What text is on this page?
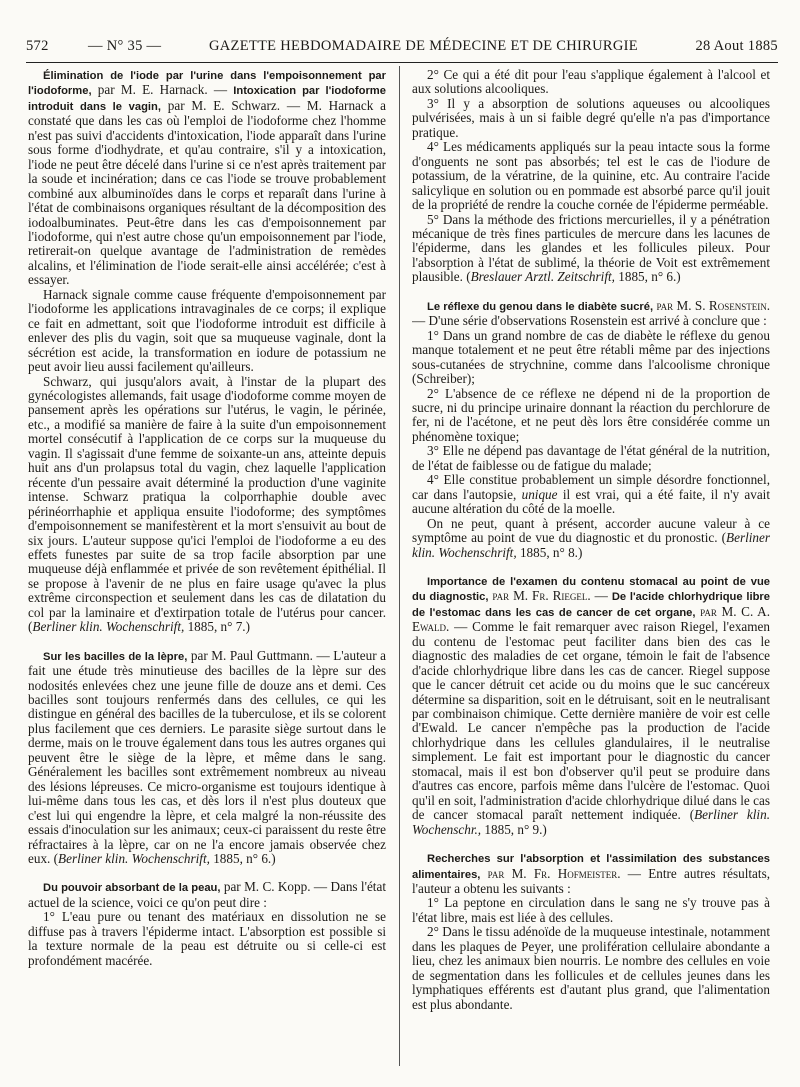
572	— N° 35 —	GAZETTE HEBDOMADAIRE DE MÉDECINE ET DE CHIRURGIE	28 Aout 1885

Élimination de l'iode par l'urine dans l'empoisonnement par l'iodoforme, par M. E. Harnack. — Intoxication par l'iodoforme introduit dans le vagin, par M. E. Schwarz. — M. Harnack a constaté que dans les cas où l'emploi de l'iodoforme chez l'homme n'est pas suivi d'accidents d'intoxication, l'iode apparaît dans l'urine sous forme d'iodhydrate, et qu'au contraire, s'il y a intoxication, l'iode ne peut être décelé dans l'urine si ce n'est après traitement par la soude et incinération; dans ce cas l'iode se trouve probablement combiné aux albuminoïdes dans le corps et reparaît dans l'urine à l'état de combinaisons organiques résultant de la décomposition des iodoalbuminates. Peut-être dans les cas d'empoisonnement par l'iodoforme, qui n'est autre chose qu'un empoisonnement par l'iode, retirerait-on quelque avantage de l'administration de remèdes alcalins, et l'élimination de l'iode serait-elle ainsi accélérée; c'est à essayer.

Harnack signale comme cause fréquente d'empoisonnement par l'iodoforme les applications intravaginales de ce corps; il explique ce fait en admettant, soit que l'iodoforme introduit est difficile à enlever des plis du vagin, soit que sa muqueuse vaginale, dont la sécrétion est acide, la transformation en iodure de potassium ne peut avoir lieu aussi facilement qu'ailleurs.

Schwarz, qui jusqu'alors avait, à l'instar de la plupart des gynécologistes allemands, fait usage d'iodoforme comme moyen de pansement après les opérations sur l'utérus, le vagin, le périnée, etc., a modifié sa manière de faire à la suite d'un empoisonnement mortel consécutif à l'application de ce corps sur la muqueuse du vagin. Il s'agissait d'une femme de soixante-un ans, atteinte depuis huit ans d'un prolapsus total du vagin, chez laquelle l'application récente d'un pessaire avait déterminé la production d'une vaginite intense. Schwarz pratiqua la colporrhaphie double avec périnéorrhaphie et appliqua ensuite l'iodoforme; des symptômes d'empoisonnement se manifestèrent et la mort s'ensuivit au bout de six jours. L'auteur suppose qu'ici l'emploi de l'iodoforme a eu des effets funestes par suite de sa trop facile absorption par une muqueuse déjà enflammée et privée de son revêtement épithélial. Il se propose à l'avenir de ne plus en faire usage qu'avec la plus extrême circonspection et seulement dans les cas de dilatation du col par la laminaire et d'extirpation totale de l'utérus pour cancer. (Berliner klin. Wochenschrift, 1885, n° 7.)

Sur les bacilles de la lèpre, par M. Paul Guttmann. — L'auteur a fait une étude très minutieuse des bacilles de la lèpre sur des nodosités enlevées chez une jeune fille de douze ans et demi. Ces bacilles sont toujours renfermés dans des cellules, ce qui les distingue en général des bacilles de la tuberculose, et ils se colorent plus facilement que ces derniers. Le parasite siège surtout dans le derme, mais on le trouve également dans tous les autres organes qui peuvent être le siège de la lèpre, et même dans le sang. Généralement les bacilles sont extrêmement nombreux au niveau des lésions lépreuses. Ce micro-organisme est toujours identique à lui-même dans tous les cas, et dès lors il n'est plus douteux que c'est lui qui engendre la lèpre, et cela malgré la non-réussite des essais d'inoculation sur les animaux; ceux-ci paraissent du reste être réfractaires à la lèpre, car on ne l'a encore jamais observée chez eux. (Berliner klin. Wochenschrift, 1885, n° 6.)

Du pouvoir absorbant de la peau, par M. C. Kopp. — Dans l'état actuel de la science, voici ce qu'on peut dire :

1° L'eau pure ou tenant des matériaux en dissolution ne se diffuse pas à travers l'épiderme intact. L'absorption est possible si la texture normale de la peau est détruite ou si celle-ci est profondément macérée.

2° Ce qui a été dit pour l'eau s'applique également à l'alcool et aux solutions alcooliques.

3° Il y a absorption de solutions aqueuses ou alcooliques pulvérisées, mais à un si faible degré qu'elle n'a pas d'importance pratique.

4° Les médicaments appliqués sur la peau intacte sous la forme d'onguents ne sont pas absorbés; tel est le cas de l'iodure de potassium, de la vératrine, de la quinine, etc. Au contraire l'acide salicylique en solution ou en pommade est absorbé parce qu'il jouit de la propriété de rendre la couche cornée de l'épiderme perméable.

5° Dans la méthode des frictions mercurielles, il y a pénétration mécanique de très fines particules de mercure dans les lacunes de l'épiderme, dans les glandes et les follicules pileux. Pour l'absorption à l'état de sublimé, la théorie de Voit est extrêmement plausible. (Breslauer Arztl. Zeitschrift, 1885, n° 6.)

Le réflexe du genou dans le diabète sucré, par M. S. Rosenstein. — D'une série d'observations Rosenstein est arrivé à conclure que :

1° Dans un grand nombre de cas de diabète le réflexe du genou manque totalement et ne peut être rétabli même par des injections sous-cutanées de strychnine, comme dans l'alcoolisme chronique (Schreiber);

2° L'absence de ce réflexe ne dépend ni de la proportion de sucre, ni du principe urinaire donnant la réaction du perchlorure de fer, ni de l'acétone, et ne peut dès lors être considérée comme un phénomène toxique;

3° Elle ne dépend pas davantage de l'état général de la nutrition, de l'état de faiblesse ou de fatigue du malade;

4° Elle constitue probablement un simple désordre fonctionnel, car dans l'autopsie, unique il est vrai, qui a été faite, il n'y avait aucune altération du côté de la moelle.

On ne peut, quant à présent, accorder aucune valeur à ce symptôme au point de vue du diagnostic et du pronostic. (Berliner klin. Wochenschrift, 1885, n° 8.)

Importance de l'examen du contenu stomacal au point de vue du diagnostic, par M. Fr. Riegel. — De l'acide chlorhydrique libre de l'estomac dans les cas de cancer de cet organe, par M. C. A. Ewald. — Comme le fait remarquer avec raison Riegel, l'examen du contenu de l'estomac peut faciliter dans bien des cas le diagnostic des maladies de cet organe, témoin le fait de l'absence d'acide chlorhydrique libre dans les cas de cancer. Riegel suppose que le cancer détruit cet acide ou du moins que le suc cancéreux détermine sa disparition, soit en le détruisant, soit en le neutralisant par combinaison chimique. Cette dernière manière de voir est celle d'Ewald. Le cancer n'empêche pas la production de l'acide chlorhydrique dans les cellules glandulaires, il le neutralise simplement. Le fait est important pour le diagnostic du cancer stomacal, mais il est bon d'observer qu'il peut se produire dans d'autres cas encore, parfois même dans l'ulcère de l'estomac. Quoi qu'il en soit, l'administration d'acide chlorhydrique dilué dans le cas de cancer stomacal paraît nettement indiquée. (Berliner klin. Wochenschr., 1885, n° 9.)

Recherches sur l'absorption et l'assimilation des substances alimentaires, par M. Fr. Hofmeister. — Entre autres résultats, l'auteur a obtenu les suivants :

1° La peptone en circulation dans le sang ne s'y trouve pas à l'état libre, mais est liée à des cellules.

2° Dans le tissu adénoïde de la muqueuse intestinale, notamment dans les plaques de Peyer, une prolifération cellulaire abondante a lieu, chez les animaux bien nourris. Le nombre des cellules en voie de segmentation dans les follicules et de cellules jeunes dans les lymphatiques efférents est d'autant plus grand, que l'alimentation est plus abondante.
